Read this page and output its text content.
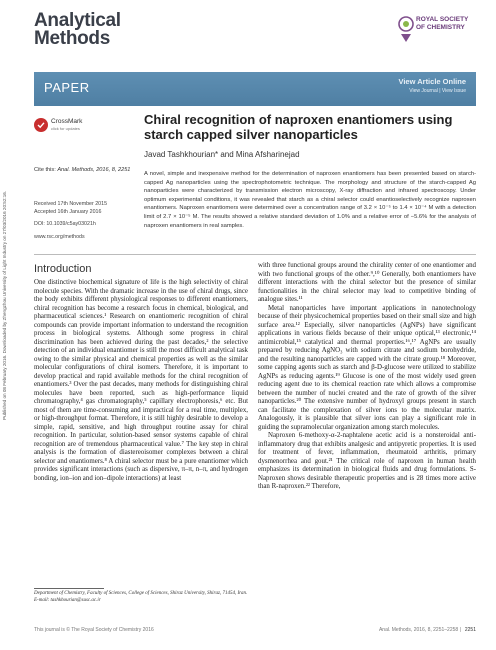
Published on 08 February 2016. Downloaded by Zhengzhou University of Light Industry on 27/03/2016 20:52:16.
Analytical
Methods
ROYAL SOCIETY
OF CHEMISTRY
PAPER	View Article Online
View Journal | View Issue
CrossMark
click for updates
Cite this: Anal. Methods, 2016, 8, 2251
Chiral recognition of naproxen enantiomers using starch capped silver nanoparticles
Javad Tashkhourian* and Mina Afsharinejad
A novel, simple and inexpensive method for the determination of naproxen enantiomers has been presented based on starch-capped Ag nanoparticles using the spectrophotometric technique. The morphology and structure of the starch-capped Ag nanoparticles were characterized by transmission electron microscopy, X-ray diffraction and infrared spectroscopy. Under optimum experimental conditions, it was revealed that starch as a chiral selector could enantioselectively recognize naproxen enantiomers. Naproxen enantiomers were determined over a concentration range of 3.2 × 10⁻⁵ to 1.4 × 10⁻⁴ M with a detection limit of 2.7 × 10⁻⁵ M. The results showed a relative standard deviation of 1.0% and a relative error of −5.6% for the analysis of naproxen enantiomers in real samples.
Received 17th November 2015
Accepted 16th January 2016
DOI: 10.1039/c5ay03021h
www.rsc.org/methods
Introduction

One distinctive biochemical signature of life is the high selectivity of chiral molecule species. With the dramatic increase in the use of chiral drugs, since the body exhibits different physiological responses to different enantiomers, chiral recognition has become a research focus in chemical, biological, and pharmaceutical sciences.¹ Research on enantiomeric recognition of chiral compounds can provide important information to understand the recognition process in biological systems. Although some progress in chiral discrimination has been achieved during the past decades,² the selective detection of an individual enantiomer is still the most difficult analytical task owing to the similar physical and chemical properties as well as the similar molecular configurations of chiral isomers. Therefore, it is important to develop practical and rapid available methods for the chiral recognition of enantiomers.³ Over the past decades, many methods for distinguishing chiral molecules have been reported, such as high-performance liquid chromatography,⁴ gas chromatography,⁵ capillary electrophoresis,⁶ etc. But most of them are time-consuming and impractical for a real time, multiplex, or high-throughput format. Therefore, it is still highly desirable to develop a simple, rapid, sensitive, and high throughput routine assay for chiral recognition. In particular, solution-based sensor systems capable of chiral recognition are of tremendous pharmaceutical value.⁷ The key step in chiral analysis is the formation of diastereoisomer complexes between a chiral selector and enantiomers.⁸ A chiral selector must be a pure enantiomer which provides significant interactions (such as dispersive, π–π, n–π, and hydrogen bonding, ion–ion and ion–dipole interactions) at least

with three functional groups around the chirality center of one enantiomer and with two functional groups of the other.⁹,¹⁰ Generally, both enantiomers have different interactions with the chiral selector but the presence of similar functionalities in the chiral selector may lead to competitive binding of analogue sites.¹¹

Metal nanoparticles have important applications in nanotechnology because of their physicochemical properties based on their small size and high surface area.¹² Especially, silver nanoparticles (AgNPs) have significant applications in various fields because of their unique optical,¹³ electronic,¹⁴ antimicrobial,¹⁵ catalytical and thermal properties.¹⁶,¹⁷ AgNPs are usually prepared by reducing AgNO₃ with sodium citrate and sodium borohydride, and the resulting nanoparticles are capped with the citrate group.¹⁸ Moreover, some capping agents such as starch and β-D-glucose were utilized to stabilize AgNPs as reducing agents.¹⁹ Glucose is one of the most widely used green reducing agent due to its chemical reaction rate which allows a compromise between the number of nuclei created and the rate of growth of the silver nanoparticles.²⁰ The extensive number of hydroxyl groups present in starch can facilitate the complexation of silver ions to the molecular matrix. Analogously, it is plausible that silver ions can play a significant role in guiding the supramolecular organization among starch molecules.

Naproxen 6-methoxy-α-2-naphtalene acetic acid is a nonsteroidal anti-inflammatory drug that exhibits analgesic and antipyretic properties. It is used for treatment of fever, inflammation, rheumatoid arthritis, primary dysmenorrhea and gout.²¹ The critical role of naproxen in human health emphasizes its determination in biological fluids and drug formulations. S-Naproxen shows desirable therapeutic properties and is 28 times more active than R-naproxen.²² Therefore,

Department of Chemistry, Faculty of Sciences, College of Sciences, Shiraz University, Shiraz, 71454, Iran. E-mail: tashkhourian@susc.ac.ir
This journal is © The Royal Society of Chemistry 2016	Anal. Methods, 2016, 8, 2251–2258 | 2251
